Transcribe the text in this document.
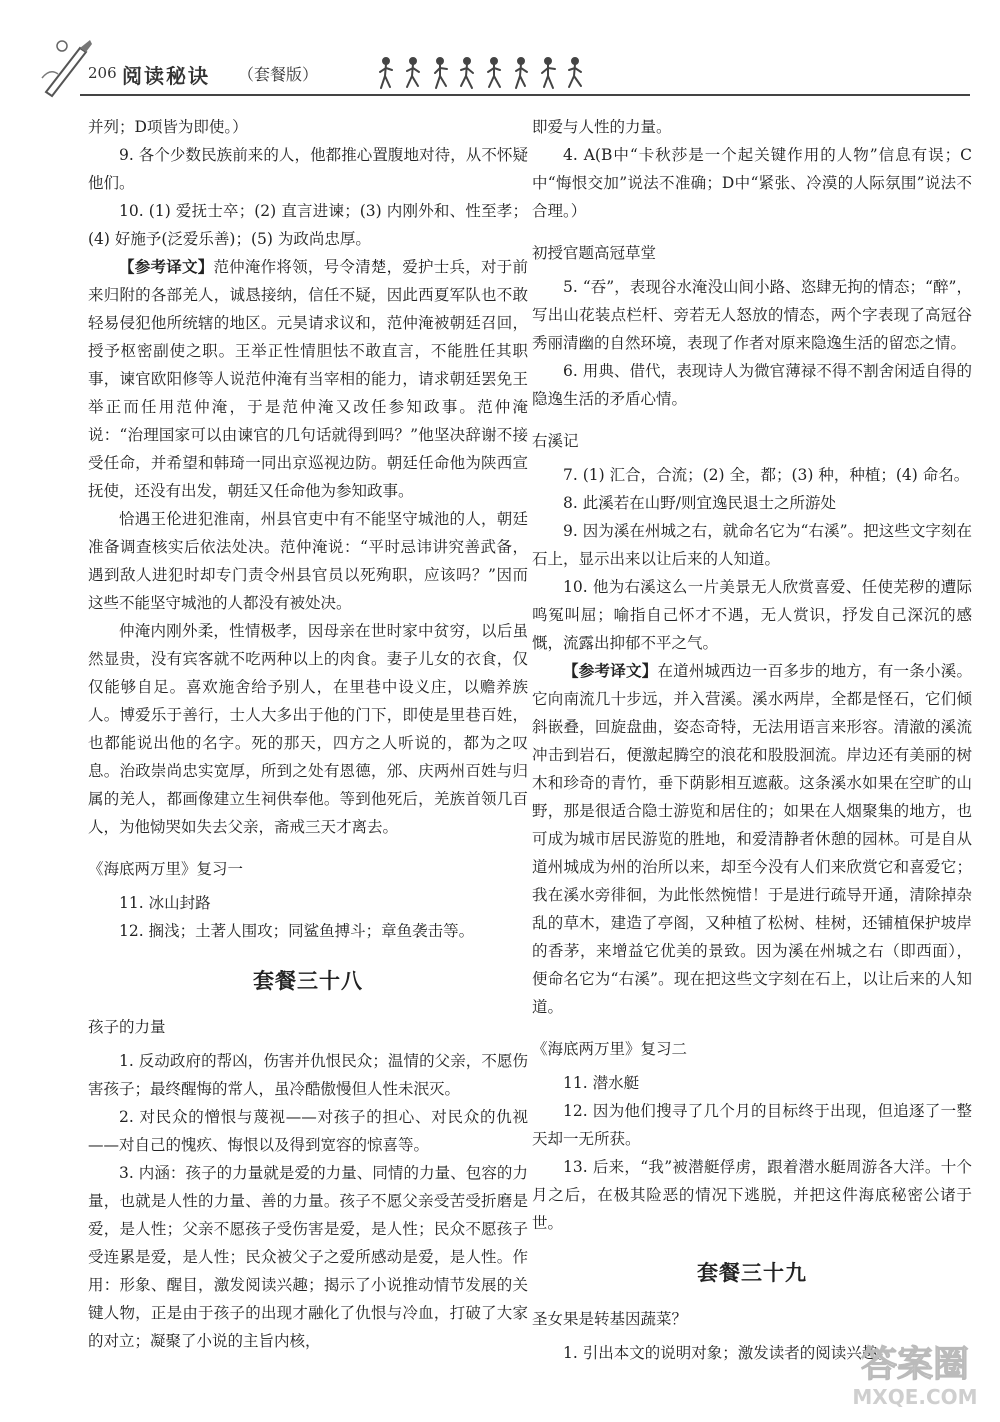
206 阅读秘诀 （套餐版）

并列；D项皆为即使。）

9. 各个少数民族前来的人，他都推心置腹地对待，从不怀疑他们。

10. (1) 爱抚士卒；(2) 直言进谏；(3) 内刚外和、性至孝；(4) 好施予(泛爱乐善)；(5) 为政尚忠厚。

【参考译文】范仲淹作将领，号令清楚，爱护士兵，对于前来归附的各部羌人，诚恳接纳，信任不疑，因此西夏军队也不敢轻易侵犯他所统辖的地区。元昊请求议和，范仲淹被朝廷召回，授予枢密副使之职。王举正性情胆怯不敢直言，不能胜任其职事，谏官欧阳修等人说范仲淹有当宰相的能力，请求朝廷罢免王举正而任用范仲淹，于是范仲淹又改任参知政事。范仲淹说：“治理国家可以由谏官的几句话就得到吗？”他坚决辞谢不接受任命，并希望和韩琦一同出京巡视边防。朝廷任命他为陕西宣抚使，还没有出发，朝廷又任命他为参知政事。

恰遇王伦进犯淮南，州县官吏中有不能坚守城池的人，朝廷准备调查核实后依法处决。范仲淹说：“平时忌讳讲究善武备，遇到敌人进犯时却专门责令州县官员以死殉职，应该吗？”因而这些不能坚守城池的人都没有被处决。

仲淹内刚外柔，性情极孝，因母亲在世时家中贫穷，以后虽然显贵，没有宾客就不吃两种以上的肉食。妻子儿女的衣食，仅仅能够自足。喜欢施舍给予别人，在里巷中设义庄，以赡养族人。博爱乐于善行，士人大多出于他的门下，即使是里巷百姓，也都能说出他的名字。死的那天，四方之人听说的，都为之叹息。治政崇尚忠实宽厚，所到之处有恩德，邠、庆两州百姓与归属的羌人，都画像建立生祠供奉他。等到他死后，羌族首领几百人，为他恸哭如失去父亲，斋戒三天才离去。

《海底两万里》复习一

11. 冰山封路

12. 搁浅；土著人围攻；同鲨鱼搏斗；章鱼袭击等。

套餐三十八
孩子的力量

1. 反动政府的帮凶，伤害并仇恨民众；温情的父亲，不愿伤害孩子；最终醒悔的常人，虽冷酷傲慢但人性未泯灭。

2. 对民众的憎恨与蔑视——对孩子的担心、对民众的仇视——对自己的愧疚、悔恨以及得到宽容的惊喜等。

3. 内涵：孩子的力量就是爱的力量、同情的力量、包容的力量，也就是人性的力量、善的力量。孩子不愿父亲受苦受折磨是爱，是人性；父亲不愿孩子受伤害是爱，是人性；民众不愿孩子受连累是爱，是人性；民众被父子之爱所感动是爱，是人性。作用：形象、醒目，激发阅读兴趣；揭示了小说推动情节发展的关键人物，正是由于孩子的出现才融化了仇恨与冷血，打破了大家的对立；凝聚了小说的主旨内核，

即爱与人性的力量。

4. A(B中“卡秋莎是一个起关键作用的人物”信息有误；C中“悔恨交加”说法不准确；D中“紧张、冷漠的人际氛围”说法不合理。）

初授官题高冠草堂

5. “吞”，表现谷水淹没山间小路、恣肆无拘的情态；“醉”，写出山花装点栏杆、旁若无人怒放的情态，两个字表现了高冠谷秀丽清幽的自然环境，表现了作者对原来隐逸生活的留恋之情。

6. 用典、借代，表现诗人为微官薄禄不得不割舍闲适自得的隐逸生活的矛盾心情。

右溪记

7. (1) 汇合，合流；(2) 全，都；(3) 种，种植；(4) 命名。

8. 此溪若在山野/则宜逸民退士之所游处

9. 因为溪在州城之右，就命名它为“右溪”。把这些文字刻在石上，显示出来以让后来的人知道。

10. 他为右溪这么一片美景无人欣赏喜爱、任使芜秽的遭际鸣冤叫屈；喻指自己怀才不遇，无人赏识，抒发自己深沉的感慨，流露出抑郁不平之气。

【参考译文】在道州城西边一百多步的地方，有一条小溪。它向南流几十步远，并入营溪。溪水两岸，全都是怪石，它们倾斜嵌叠，回旋盘曲，姿态奇特，无法用语言来形容。清澈的溪流冲击到岩石，便激起腾空的浪花和股股洄流。岸边还有美丽的树木和珍奇的青竹，垂下荫影相互遮蔽。这条溪水如果在空旷的山野，那是很适合隐士游览和居住的；如果在人烟聚集的地方，也可成为城市居民游览的胜地，和爱清静者休憩的园林。可是自从道州城成为州的治所以来，却至今没有人们来欣赏它和喜爱它；我在溪水旁徘徊，为此怅然惋惜！于是进行疏导开通，清除掉杂乱的草木，建造了亭阁，又种植了松树、桂树，还铺植保护坡岸的香茅，来增益它优美的景致。因为溪在州城之右（即西面），便命名它为“右溪”。现在把这些文字刻在石上，以让后来的人知道。

《海底两万里》复习二

11. 潜水艇

12. 因为他们搜寻了几个月的目标终于出现，但追逐了一整天却一无所获。

13. 后来，“我”被潜艇俘虏，跟着潜水艇周游各大洋。十个月之后，在极其险恶的情况下逃脱，并把这件海底秘密公诸于世。

套餐三十九
圣女果是转基因蔬菜？

1. 引出本文的说明对象；激发读者的阅读兴趣。

答案圈
MXQE.COM
